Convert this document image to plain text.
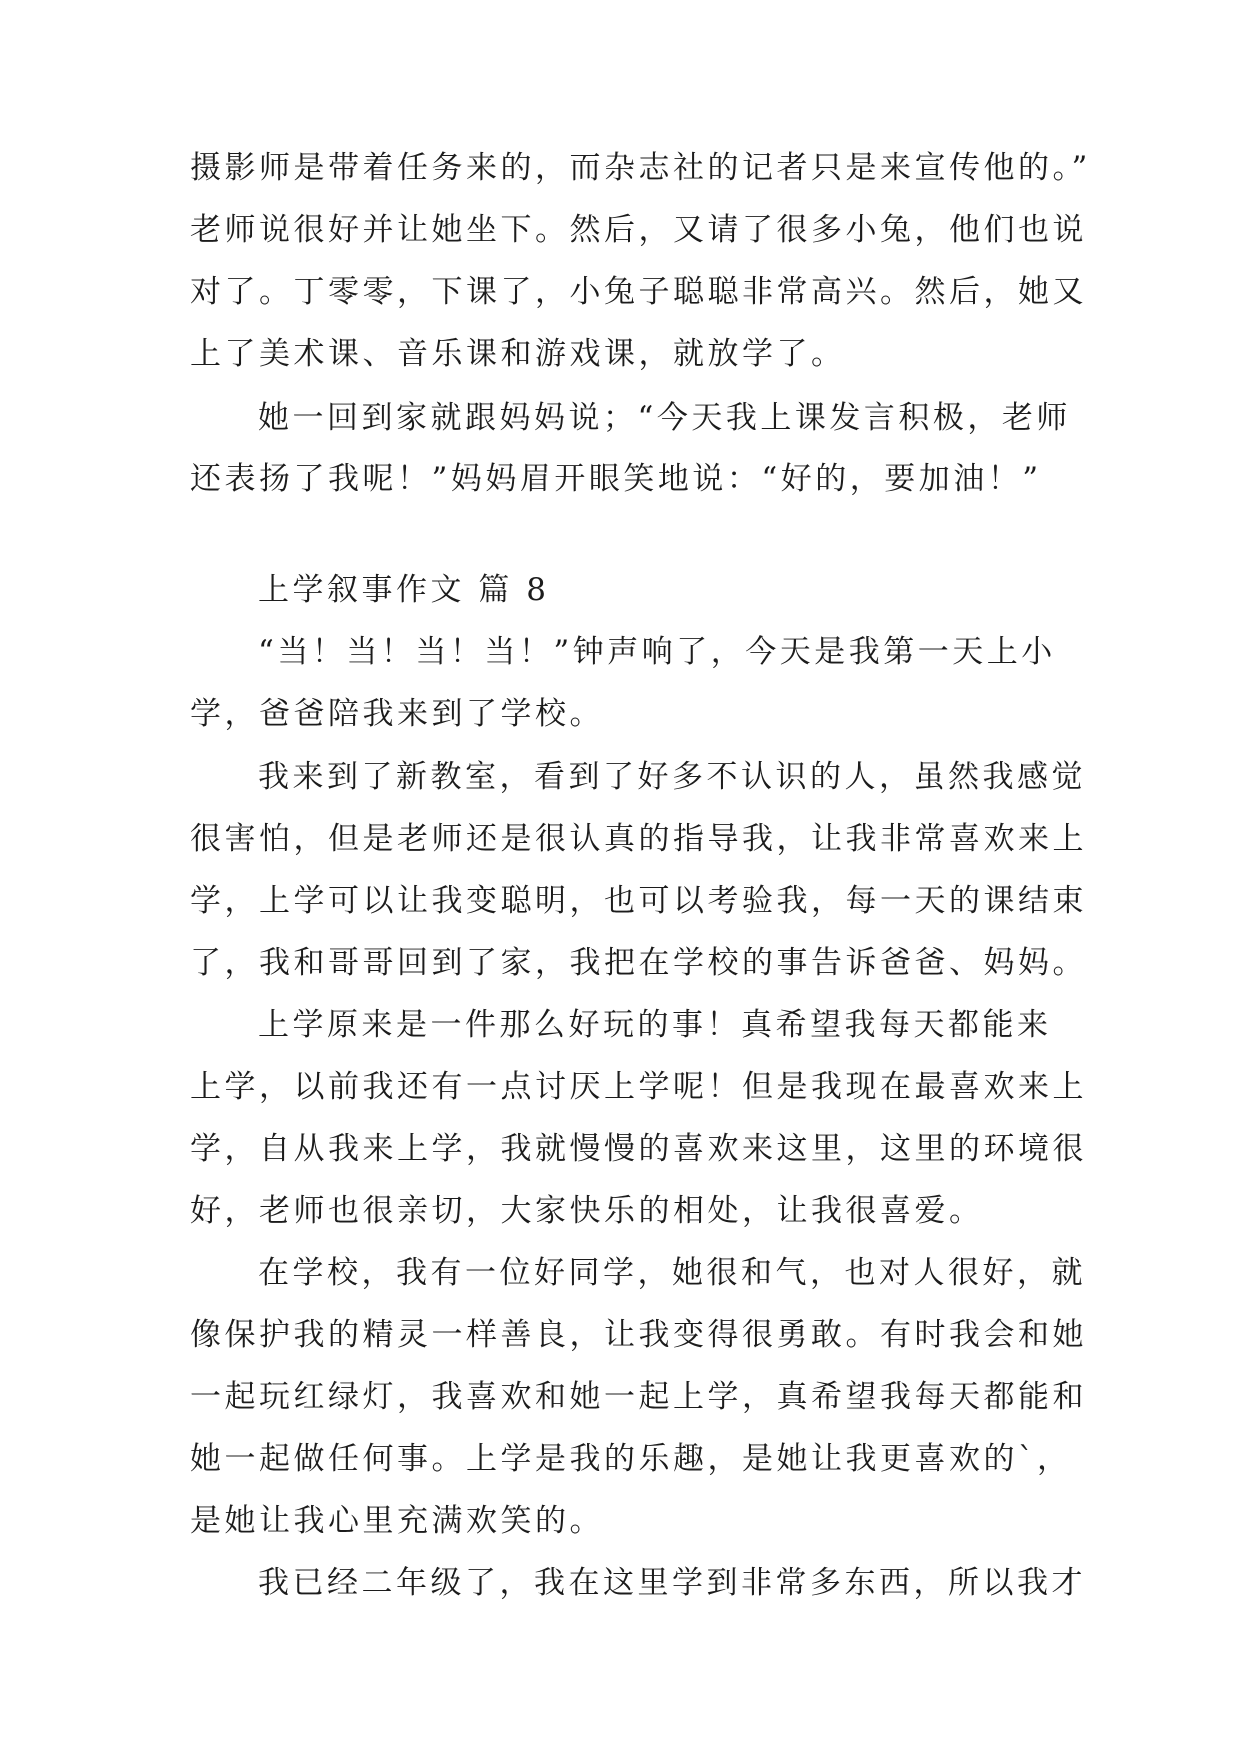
摄影师是带着任务来的，而杂志社的记者只是来宣传他的。”
老师说很好并让她坐下。然后，又请了很多小兔，他们也说
对了。丁零零，下课了，小兔子聪聪非常高兴。然后，她又
上了美术课、音乐课和游戏课，就放学了。
她一回到家就跟妈妈说；“今天我上课发言积极，老师
还表扬了我呢！”妈妈眉开眼笑地说：“好的，要加油！”
上学叙事作文 篇 8
“当！当！当！当！”钟声响了，今天是我第一天上小
学，爸爸陪我来到了学校。
我来到了新教室，看到了好多不认识的人，虽然我感觉
很害怕，但是老师还是很认真的指导我，让我非常喜欢来上
学，上学可以让我变聪明，也可以考验我，每一天的课结束
了，我和哥哥回到了家，我把在学校的事告诉爸爸、妈妈。
上学原来是一件那么好玩的事！真希望我每天都能来
上学，以前我还有一点讨厌上学呢！但是我现在最喜欢来上
学，自从我来上学，我就慢慢的喜欢来这里，这里的环境很
好，老师也很亲切，大家快乐的相处，让我很喜爱。
在学校，我有一位好同学，她很和气，也对人很好，就
像保护我的精灵一样善良，让我变得很勇敢。有时我会和她
一起玩红绿灯，我喜欢和她一起上学，真希望我每天都能和
她一起做任何事。上学是我的乐趣，是她让我更喜欢的`，
是她让我心里充满欢笑的。
我已经二年级了，我在这里学到非常多东西，所以我才
